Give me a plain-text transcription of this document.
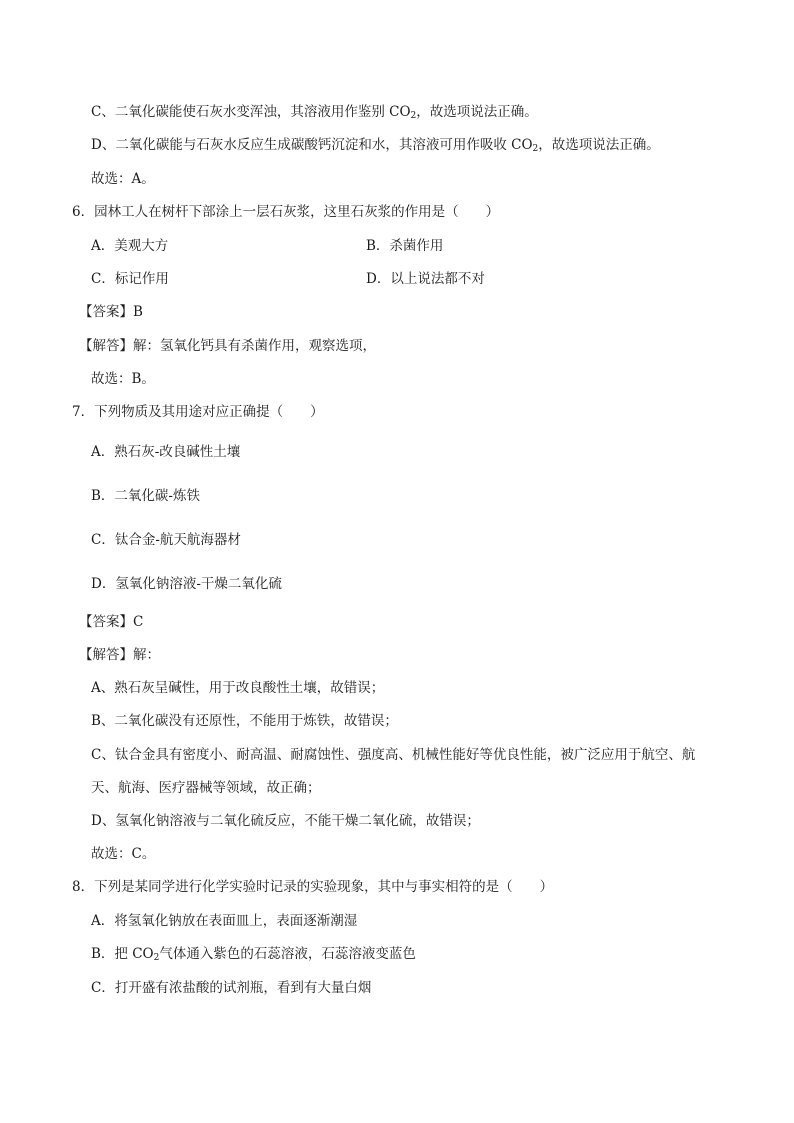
C、二氧化碳能使石灰水变浑浊，其溶液用作鉴别 $CO_2$，故选项说法正确。
D、二氧化碳能与石灰水反应生成碳酸钙沉淀和水，其溶液可用作吸收 $CO_2$，故选项说法正确。
故选：A。
6．园林工人在树杆下部涂上一层石灰浆，这里石灰浆的作用是（　　）
A．美观大方	B．杀菌作用
C．标记作用	D．以上说法都不对
【答案】B
【解答】解：氢氧化钙具有杀菌作用，观察选项，
故选：B。
7．下列物质及其用途对应正确提（　　）
A．熟石灰-改良碱性土壤
B．二氧化碳-炼铁
C．钛合金-航天航海器材
D．氢氧化钠溶液-干燥二氧化硫
【答案】C
【解答】解：
A、熟石灰呈碱性，用于改良酸性土壤，故错误；
B、二氧化碳没有还原性，不能用于炼铁，故错误；
C、钛合金具有密度小、耐高温、耐腐蚀性、强度高、机械性能好等优良性能，被广泛应用于航空、航
天、航海、医疗器械等领域，故正确；
D、氢氧化钠溶液与二氧化硫反应，不能干燥二氧化硫，故错误；
故选：C。
8．下列是某同学进行化学实验时记录的实验现象，其中与事实相符的是（　　）
A．将氢氧化钠放在表面皿上，表面逐渐潮湿
B．把 $CO_2$气体通入紫色的石蕊溶液，石蕊溶液变蓝色
C．打开盛有浓盐酸的试剂瓶，看到有大量白烟
